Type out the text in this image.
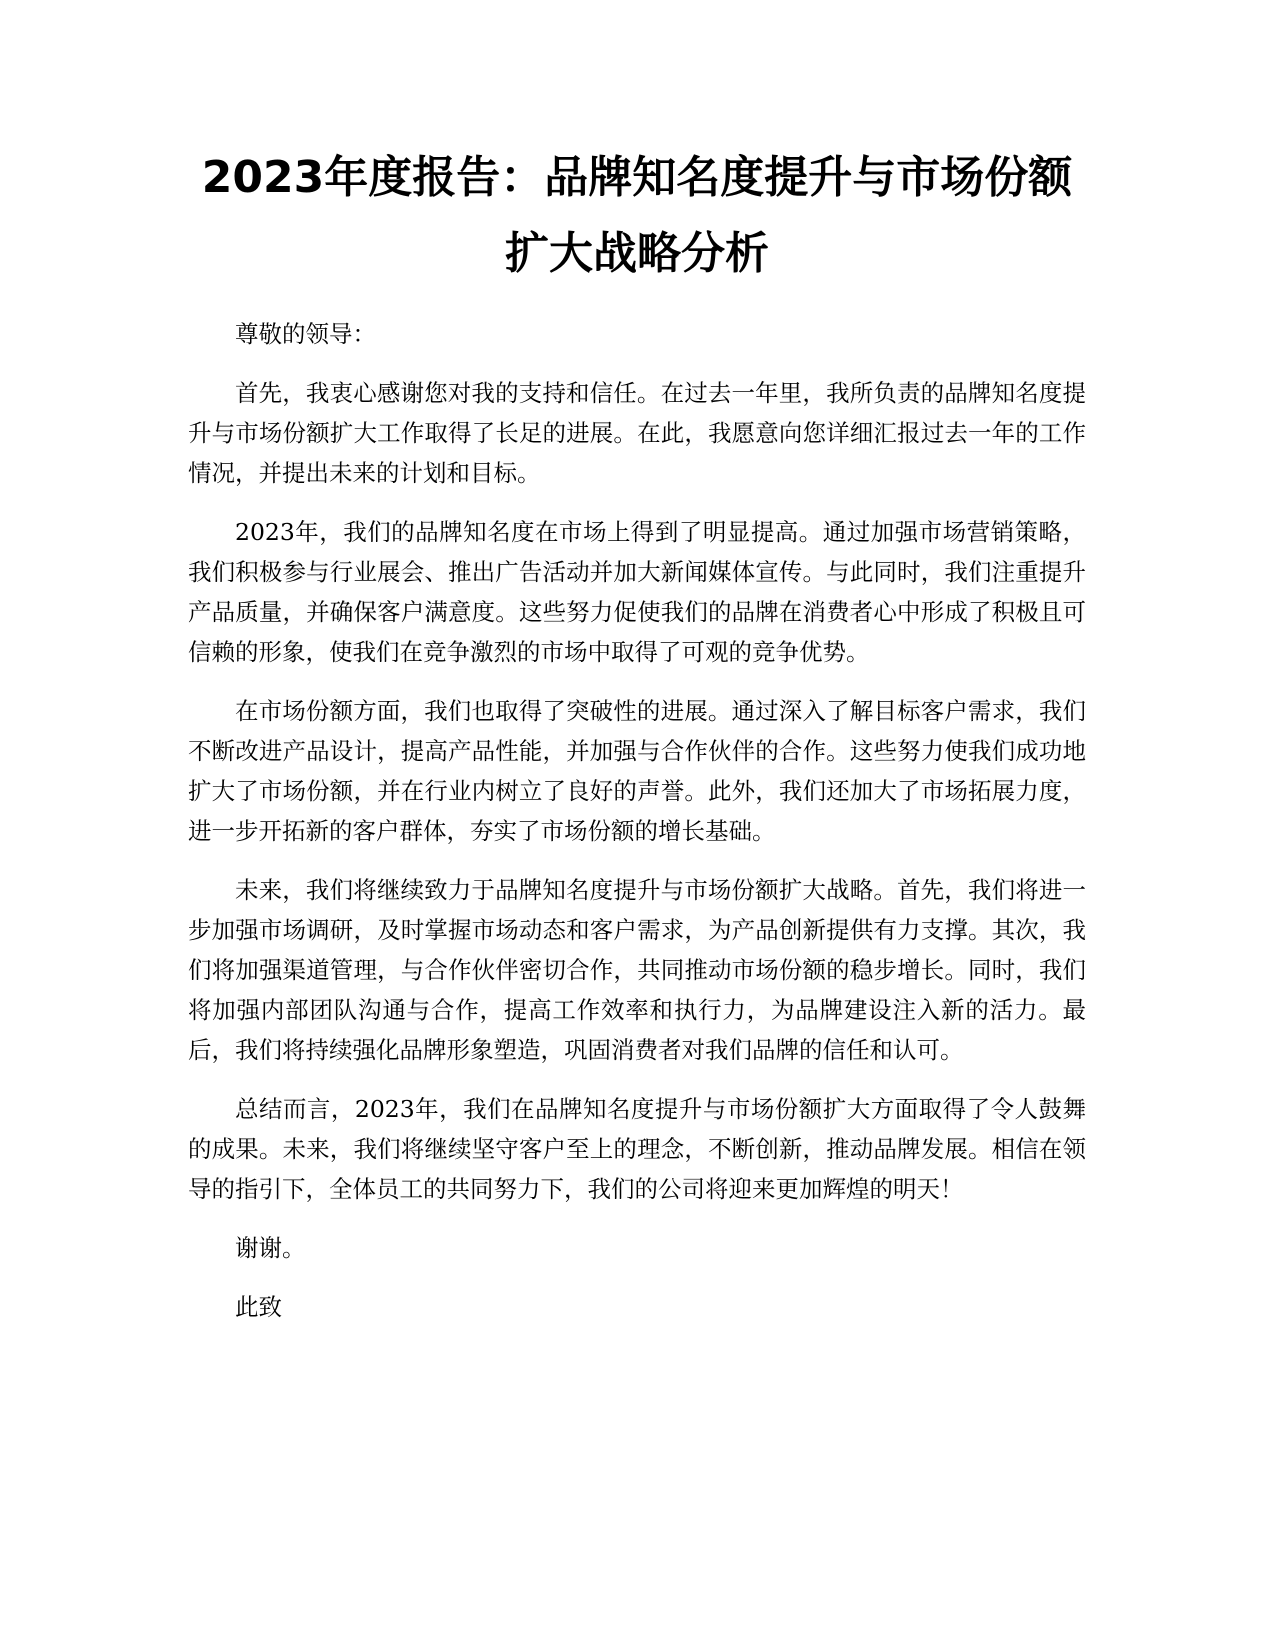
2023年度报告：品牌知名度提升与市场份额
扩大战略分析

尊敬的领导：

首先，我衷心感谢您对我的支持和信任。在过去一年里，我所负责的品牌知名度提升与市场份额扩大工作取得了长足的进展。在此，我愿意向您详细汇报过去一年的工作情况，并提出未来的计划和目标。

2023年，我们的品牌知名度在市场上得到了明显提高。通过加强市场营销策略，我们积极参与行业展会、推出广告活动并加大新闻媒体宣传。与此同时，我们注重提升产品质量，并确保客户满意度。这些努力促使我们的品牌在消费者心中形成了积极且可信赖的形象，使我们在竞争激烈的市场中取得了可观的竞争优势。

在市场份额方面，我们也取得了突破性的进展。通过深入了解目标客户需求，我们不断改进产品设计，提高产品性能，并加强与合作伙伴的合作。这些努力使我们成功地扩大了市场份额，并在行业内树立了良好的声誉。此外，我们还加大了市场拓展力度，进一步开拓新的客户群体，夯实了市场份额的增长基础。

未来，我们将继续致力于品牌知名度提升与市场份额扩大战略。首先，我们将进一步加强市场调研，及时掌握市场动态和客户需求，为产品创新提供有力支撑。其次，我们将加强渠道管理，与合作伙伴密切合作，共同推动市场份额的稳步增长。同时，我们将加强内部团队沟通与合作，提高工作效率和执行力，为品牌建设注入新的活力。最后，我们将持续强化品牌形象塑造，巩固消费者对我们品牌的信任和认可。

总结而言，2023年，我们在品牌知名度提升与市场份额扩大方面取得了令人鼓舞的成果。未来，我们将继续坚守客户至上的理念，不断创新，推动品牌发展。相信在领导的指引下，全体员工的共同努力下，我们的公司将迎来更加辉煌的明天！

谢谢。

此致
